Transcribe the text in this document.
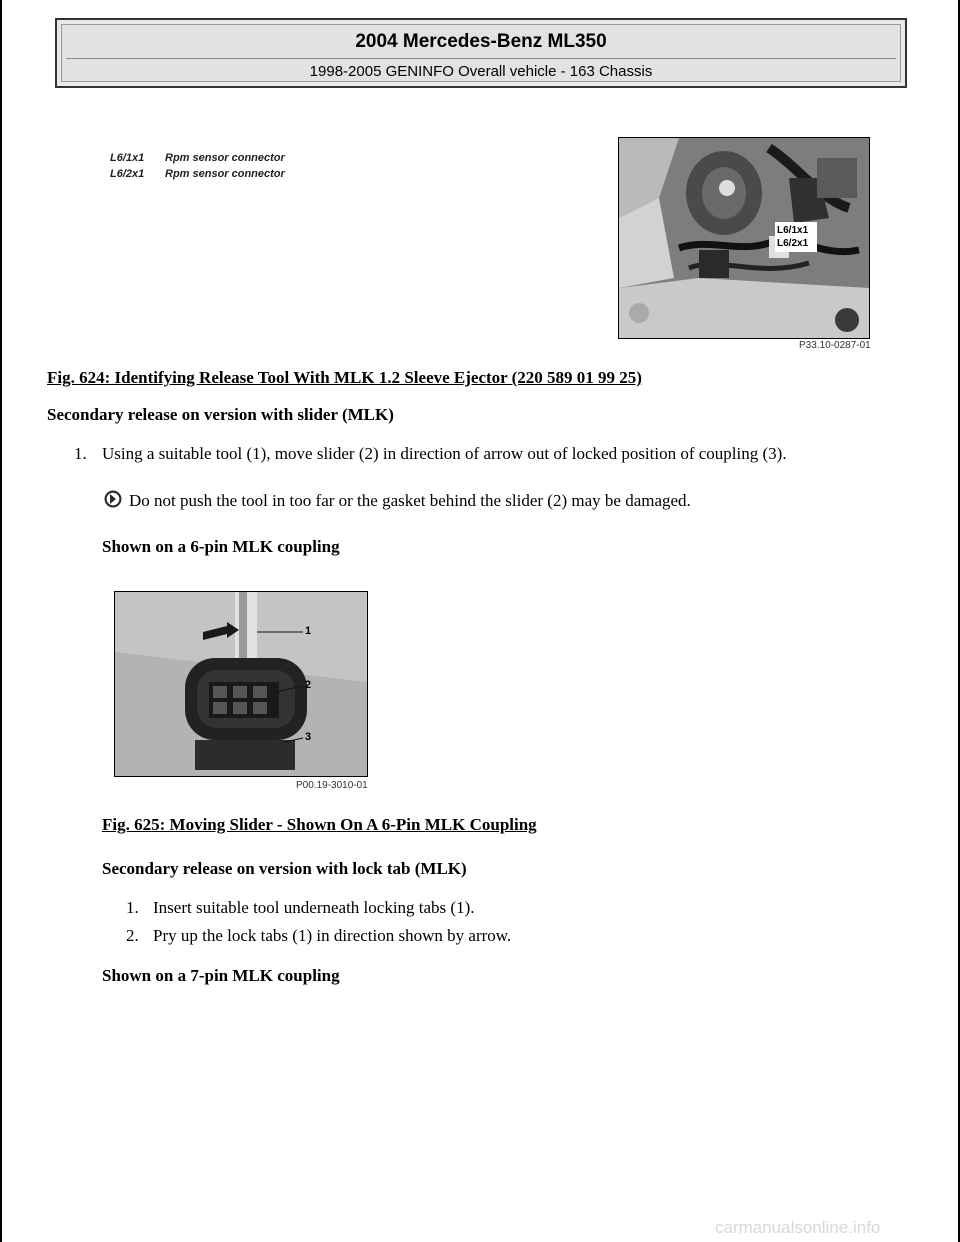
2004 Mercedes-Benz ML350
1998-2005 GENINFO Overall vehicle - 163 Chassis
L6/1x1	Rpm sensor connector
L6/2x1	Rpm sensor connector
L6/1x1
L6/2x1
P33.10-0287-01
Fig. 624: Identifying Release Tool With MLK 1.2 Sleeve Ejector (220 589 01 99 25)
Secondary release on version with slider (MLK)
1. Using a suitable tool (1), move slider (2) in direction of arrow out of locked position of coupling (3).
Do not push the tool in too far or the gasket behind the slider (2) may be damaged.
Shown on a 6-pin MLK coupling
1
2
3
P00.19-3010-01
Fig. 625: Moving Slider - Shown On A 6-Pin MLK Coupling
Secondary release on version with lock tab (MLK)
1. Insert suitable tool underneath locking tabs (1).
2. Pry up the lock tabs (1) in direction shown by arrow.
Shown on a 7-pin MLK coupling
carmanualsonline.info
